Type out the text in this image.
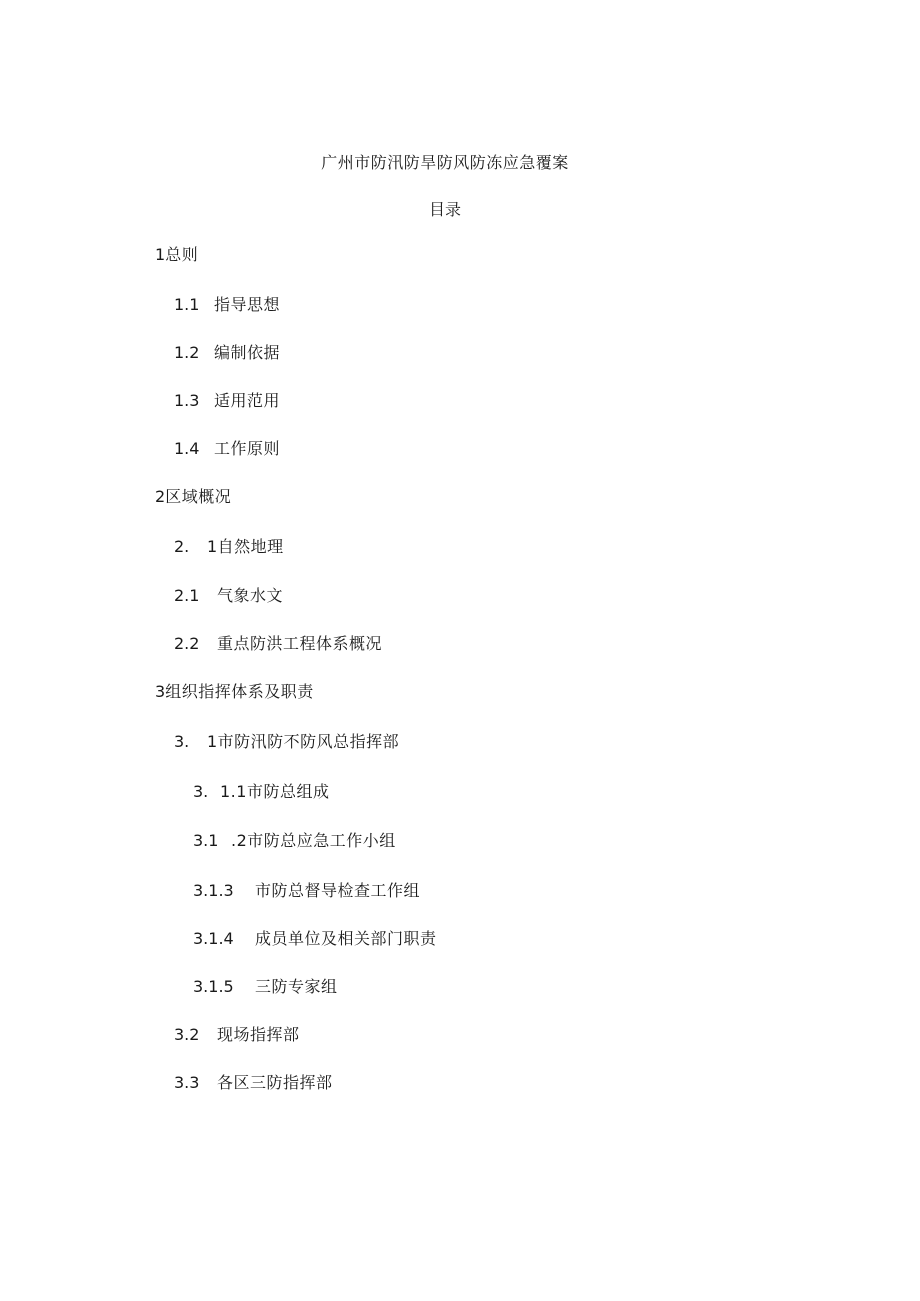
广州市防汛防旱防风防冻应急覆案
目录
1总则
1.1 指导思想
1.2 编制依据
1.3 适用范用
1.4 工作原则
2区域概况
2. 1自然地理
2.1 气象水文
2.2 重点防洪工程体系概况
3组织指挥体系及职责
3. 1市防汛防不防风总指挥部
3. 1.1市防总组成
3.1 .2市防总应急工作小组
3.1.3 市防总督导检查工作组
3.1.4 成员单位及相关部门职责
3.1.5 三防专家组
3.2 现场指挥部
3.3 各区三防指挥部
